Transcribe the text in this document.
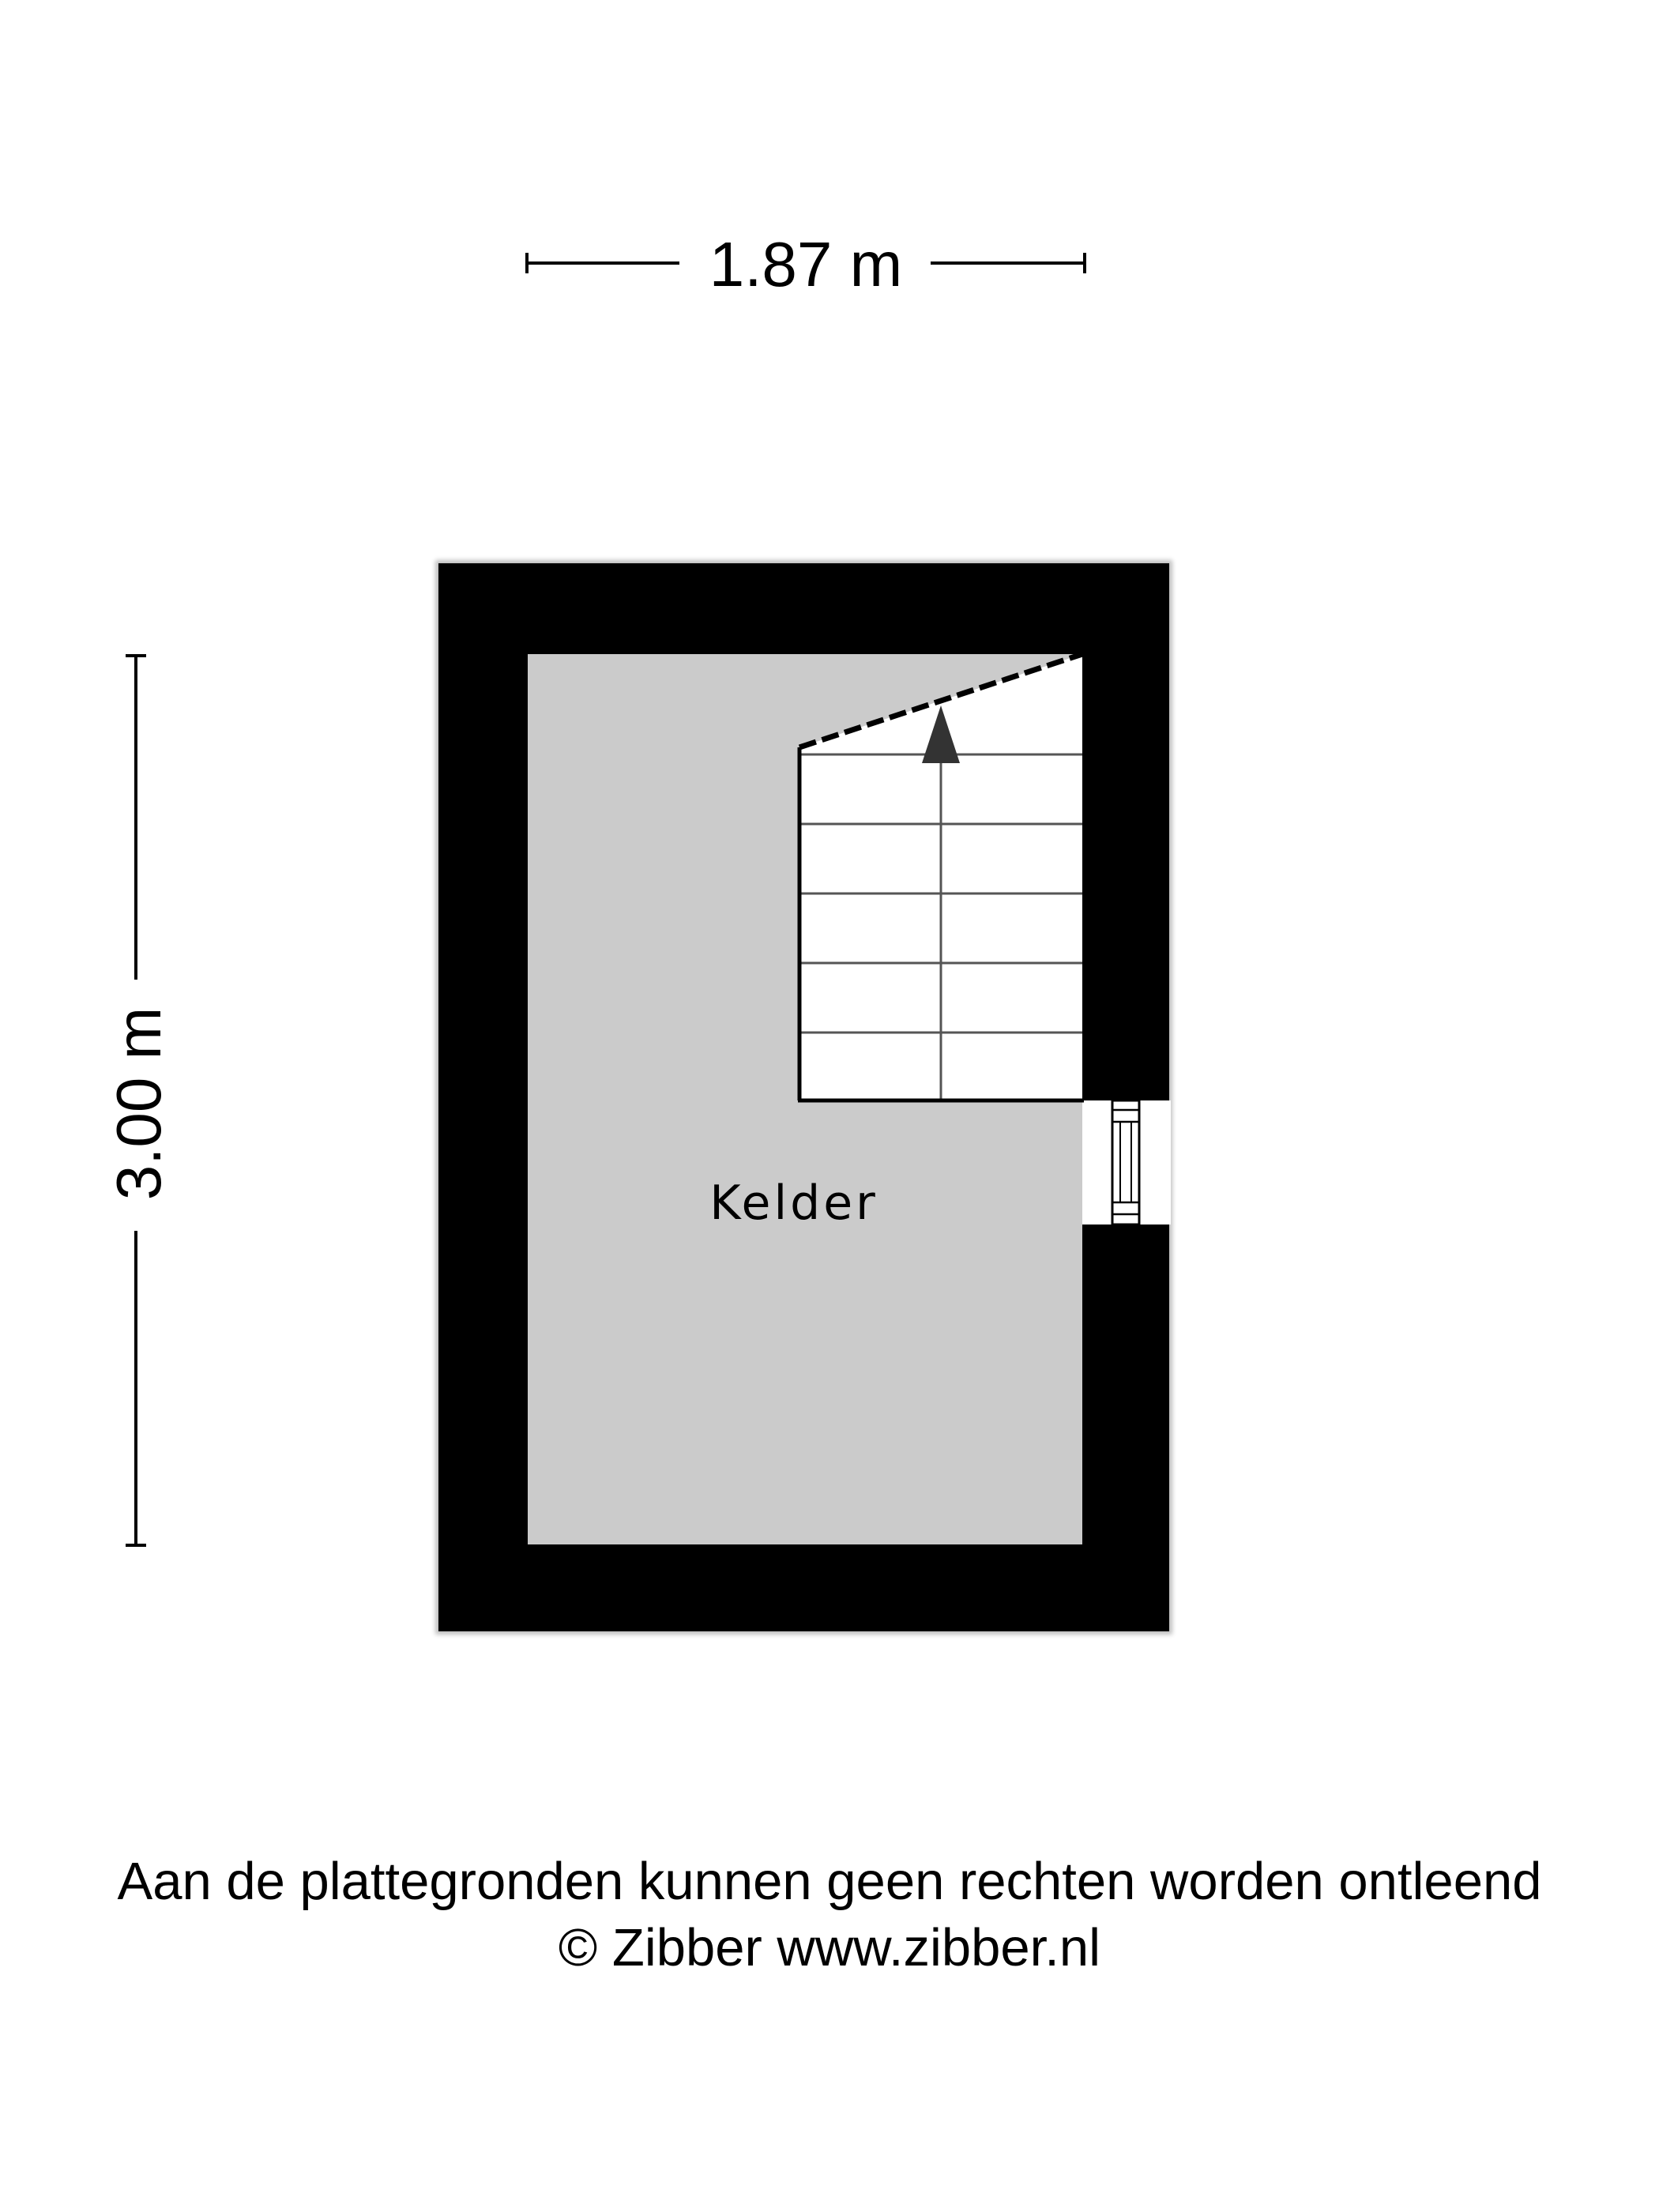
1.87 m
3.00 m
Kelder
Aan de plattegronden kunnen geen rechten worden ontleend
© Zibber www.zibber.nl
